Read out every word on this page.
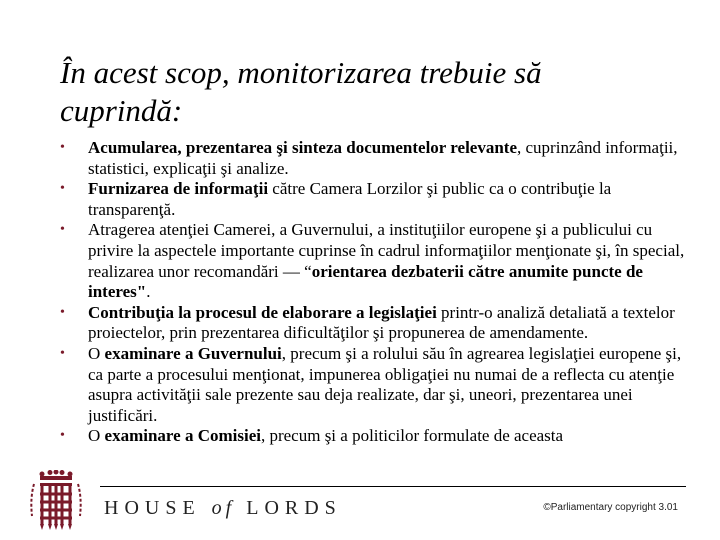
În acest scop, monitorizarea trebuie să
cuprindă:
•	Acumularea, prezentarea şi sinteza documentelor relevante, cuprinzând informaţii, statistici, explicaţii şi analize.
•	Furnizarea de informaţii către Camera Lorzilor şi public ca o contribuţie la transparenţă.
•	Atragerea atenţiei Camerei, a Guvernului, a instituţiilor europene şi a publicului cu privire la aspectele importante cuprinse în cadrul informaţiilor menţionate şi, în special, realizarea unor recomandări — “orientarea dezbaterii către anumite puncte de interes".
•	Contribuţia la procesul de elaborare a legislaţiei printr-o analiză detaliată a textelor proiectelor, prin prezentarea dificultăţilor şi propunerea de amendamente.
•	O examinare a Guvernului, precum şi a rolului său în agrearea legislaţiei europene şi, ca parte a procesului menţionat, impunerea obligaţiei nu numai de a reflecta cu atenţie asupra activităţii sale prezente sau deja realizate, dar şi, uneori, prezentarea unei justificări.
•	O examinare a Comisiei, precum şi a politicilor formulate de aceasta
HOUSE of LORDS	©Parliamentary copyright 3.01
